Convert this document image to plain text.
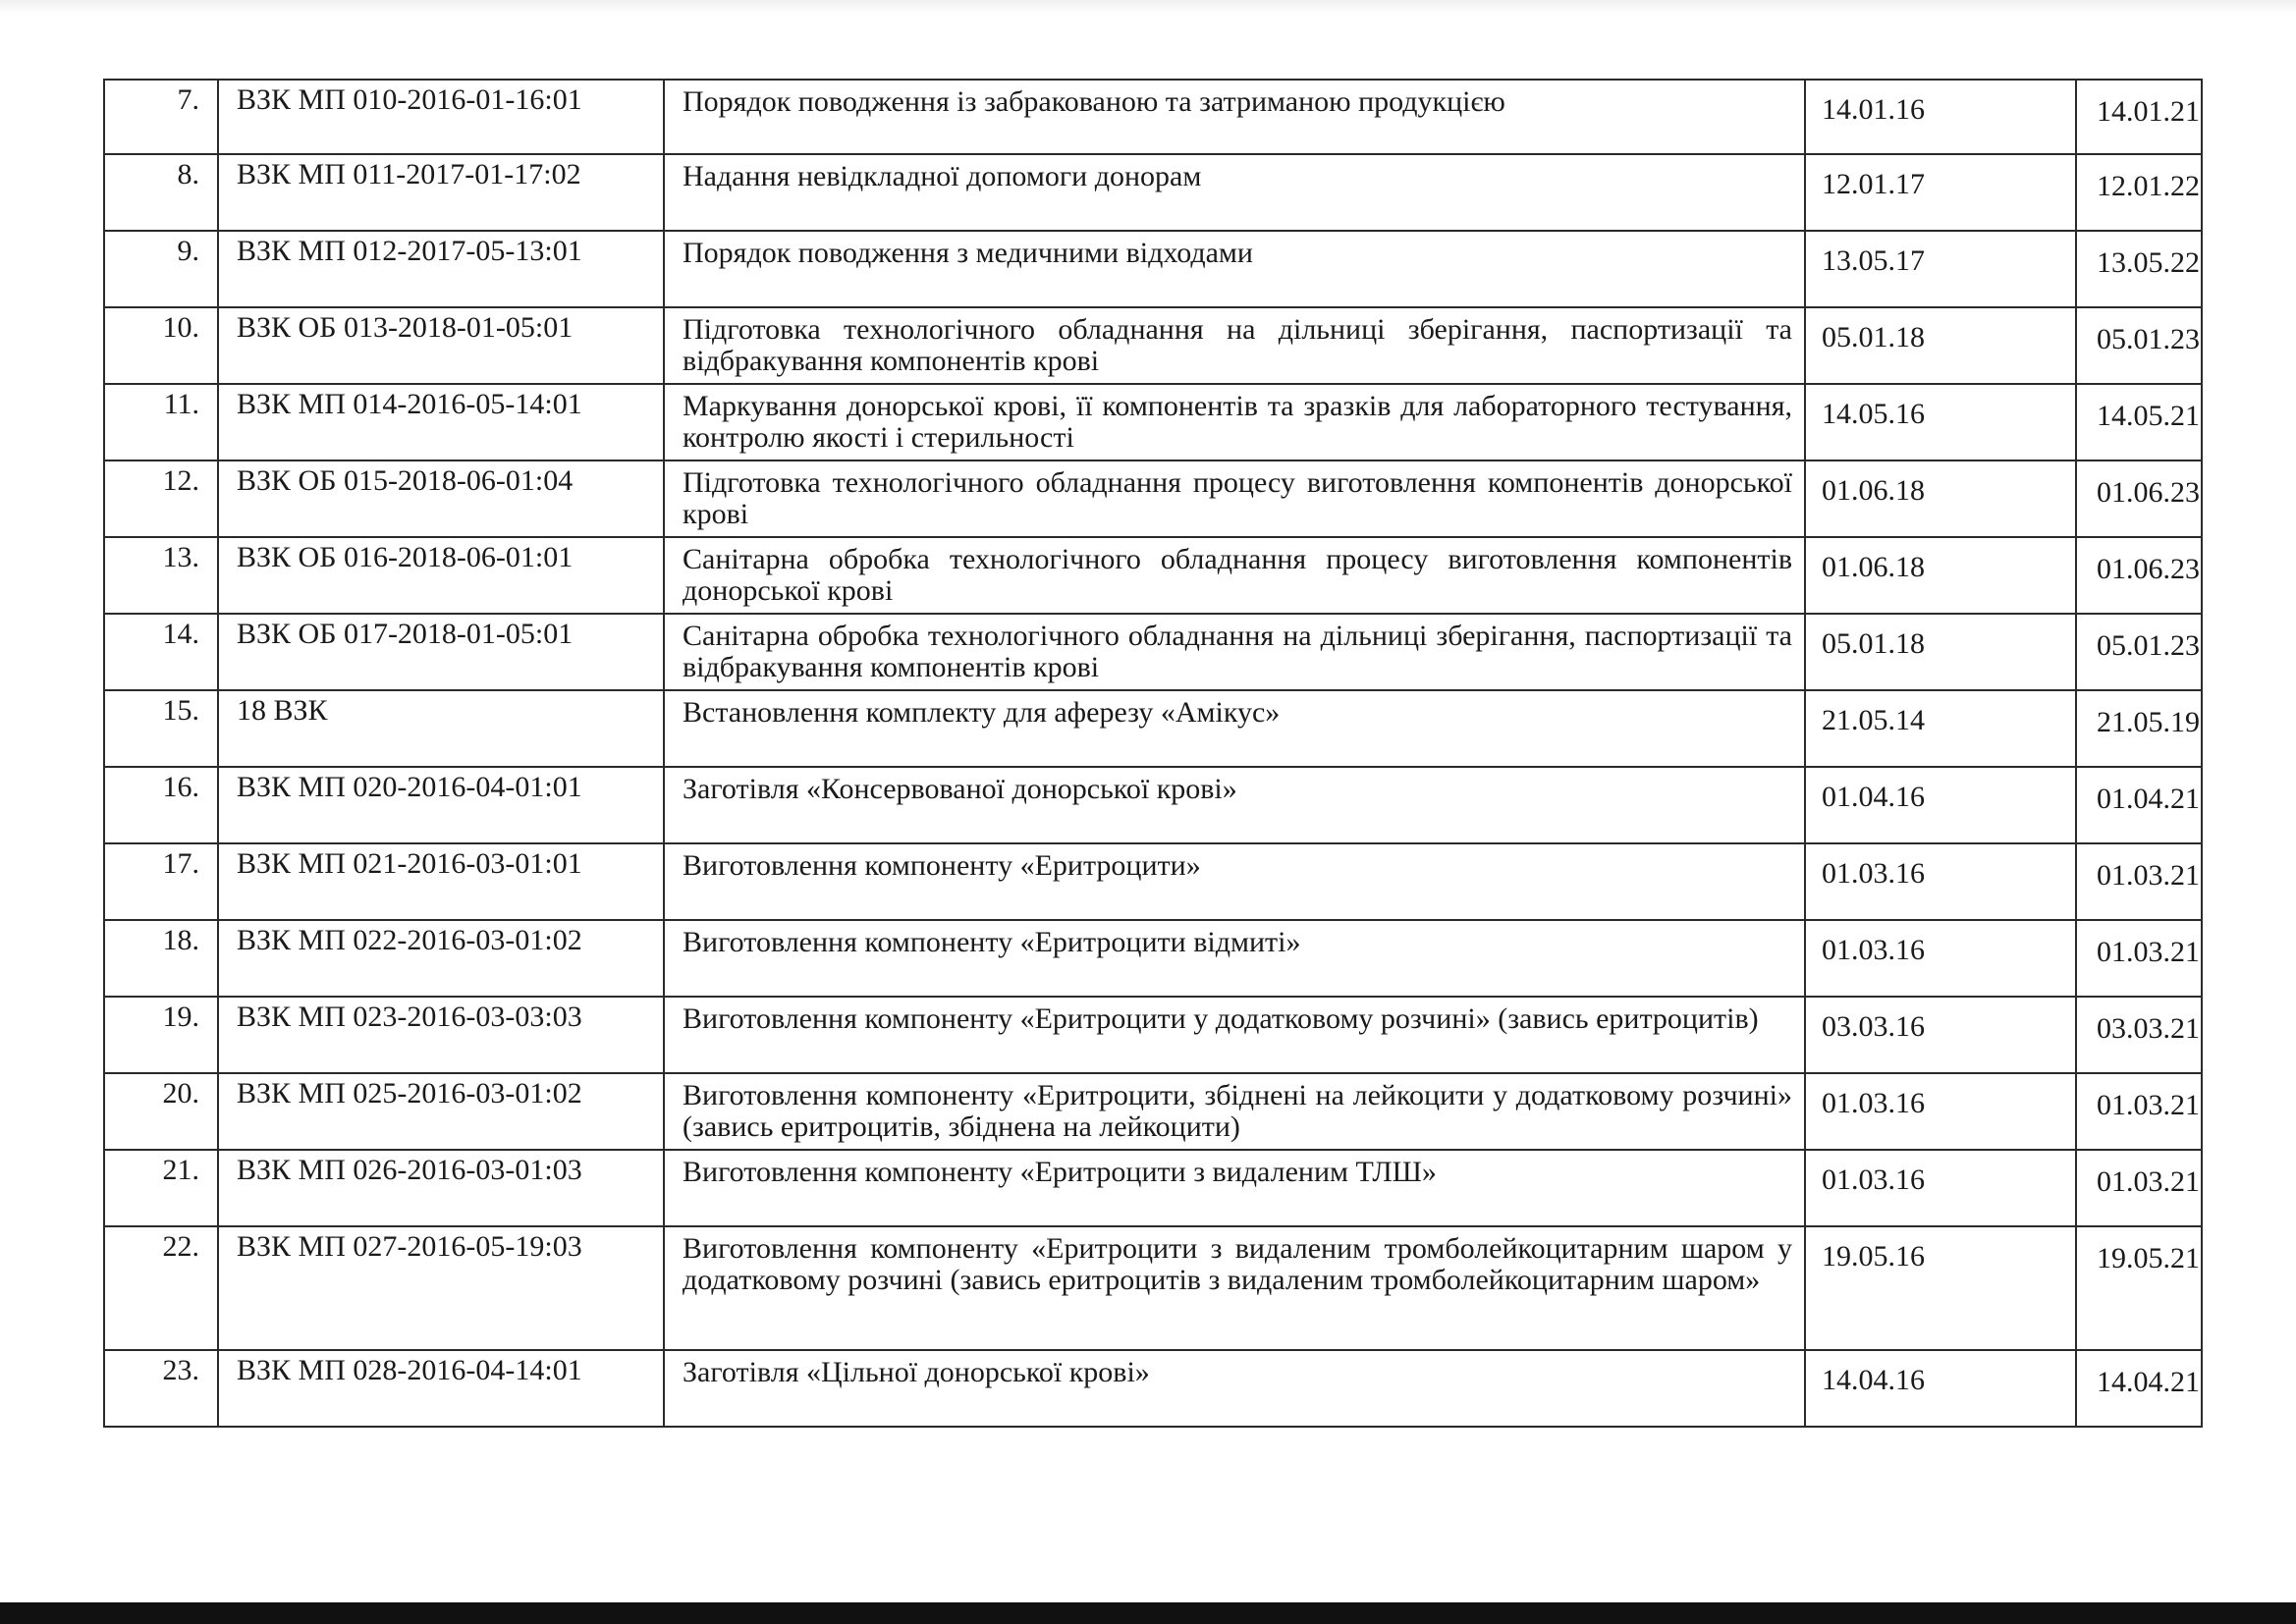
7.	ВЗК МП 010-2016-01-16:01	Порядок поводження із забракованою та затриманою продукцією	14.01.16	14.01.21
8.	ВЗК МП 011-2017-01-17:02	Надання невідкладної допомоги донорам	12.01.17	12.01.22
9.	ВЗК МП 012-2017-05-13:01	Порядок поводження з медичними відходами	13.05.17	13.05.22
10.	ВЗК ОБ 013-2018-01-05:01	Підготовка технологічного обладнання на дільниці зберігання, паспортизації та відбракування компонентів крові	05.01.18	05.01.23
11.	ВЗК МП 014-2016-05-14:01	Маркування донорської крові, її компонентів та зразків для лабораторного тестування, контролю якості і стерильності	14.05.16	14.05.21
12.	ВЗК ОБ 015-2018-06-01:04	Підготовка технологічного обладнання процесу виготовлення компонентів донорської крові	01.06.18	01.06.23
13.	ВЗК ОБ 016-2018-06-01:01	Санітарна обробка технологічного обладнання процесу виготовлення компонентів донорської крові	01.06.18	01.06.23
14.	ВЗК ОБ 017-2018-01-05:01	Санітарна обробка технологічного обладнання на дільниці зберігання, паспортизації та відбракування компонентів крові	05.01.18	05.01.23
15.	18 ВЗК	Встановлення комплекту для аферезу «Амікус»	21.05.14	21.05.19
16.	ВЗК МП 020-2016-04-01:01	Заготівля «Консервованої донорської крові»	01.04.16	01.04.21
17.	ВЗК МП 021-2016-03-01:01	Виготовлення компоненту «Еритроцити»	01.03.16	01.03.21
18.	ВЗК МП 022-2016-03-01:02	Виготовлення компоненту «Еритроцити відмиті»	01.03.16	01.03.21
19.	ВЗК МП 023-2016-03-03:03	Виготовлення компоненту «Еритроцити у додатковому розчині» (завись еритроцитів)	03.03.16	03.03.21
20.	ВЗК МП 025-2016-03-01:02	Виготовлення компоненту «Еритроцити, збіднені на лейкоцити у додатковому розчині» (завись еритроцитів, збіднена на лейкоцити)	01.03.16	01.03.21
21.	ВЗК МП 026-2016-03-01:03	Виготовлення компоненту «Еритроцити з видаленим ТЛШ»	01.03.16	01.03.21
22.	ВЗК МП 027-2016-05-19:03	Виготовлення компоненту «Еритроцити з видаленим тромболейкоцитарним шаром у додатковому розчині (завись еритроцитів з видаленим тромболейкоцитарним шаром»	19.05.16	19.05.21
23.	ВЗК МП 028-2016-04-14:01	Заготівля «Цільної донорської крові»	14.04.16	14.04.21
